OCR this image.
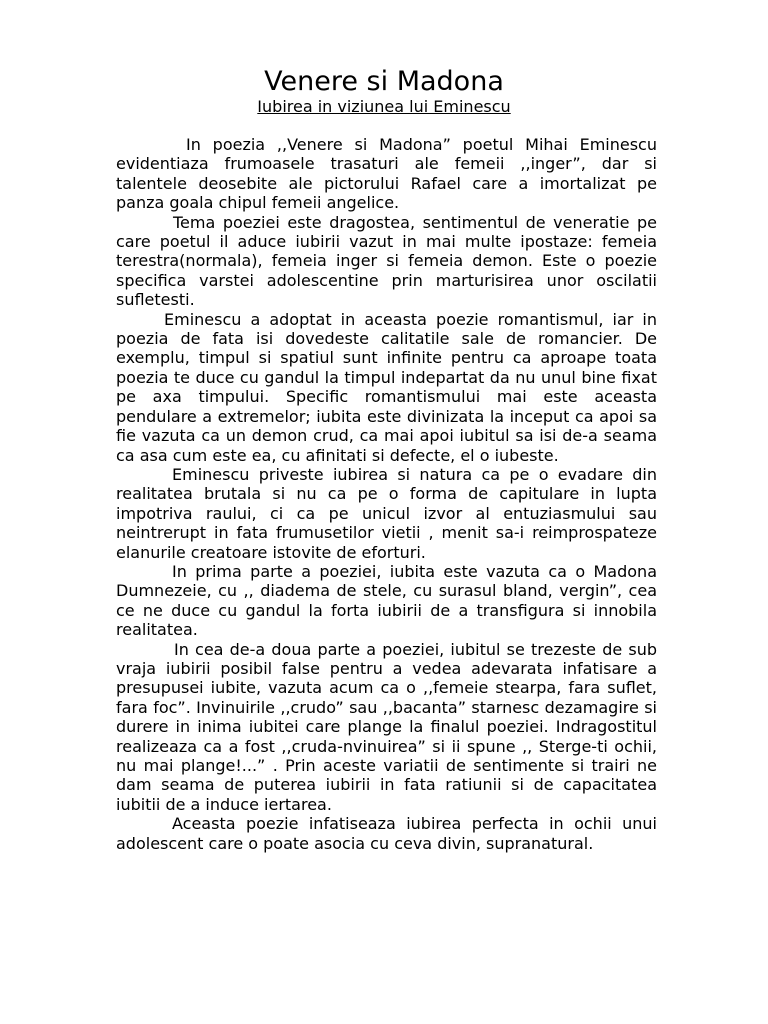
Venere si Madona
Iubirea in viziunea lui Eminescu

In poezia ,,Venere si Madona” poetul Mihai Eminescu evidentiaza frumoasele trasaturi ale femeii ,,inger”, dar si talentele deosebite ale pictorului Rafael care a imortalizat pe panza goala chipul femeii angelice.

Tema poeziei este dragostea, sentimentul de veneratie pe care poetul il aduce iubirii vazut in mai multe ipostaze: femeia terestra(normala), femeia inger si femeia demon. Este o poezie specifica varstei adolescentine prin marturisirea unor oscilatii sufletesti.

Eminescu a adoptat in aceasta poezie romantismul, iar in poezia de fata isi dovedeste calitatile sale de romancier. De exemplu, timpul si spatiul sunt infinite pentru ca aproape toata poezia te duce cu gandul la timpul indepartat da nu unul bine fixat pe axa timpului. Specific romantismului mai este aceasta pendulare a extremelor; iubita este divinizata la inceput ca apoi sa fie vazuta ca un demon crud, ca mai apoi iubitul sa isi de-a seama ca asa cum este ea, cu afinitati si defecte, el o iubeste.

Eminescu priveste iubirea si natura ca pe o evadare din realitatea brutala si nu ca pe o forma de capitulare in lupta impotriva raului, ci ca pe unicul izvor al entuziasmului sau neintrerupt in fata frumusetilor vietii , menit sa-i reimprospateze elanurile creatoare istovite de eforturi.

In prima parte a poeziei, iubita este vazuta ca o Madona Dumnezeie, cu ,, diadema de stele, cu surasul bland, vergin”, cea ce ne duce cu gandul la forta iubirii de a transfigura si innobila realitatea.

In cea de-a doua parte a poeziei, iubitul se trezeste de sub vraja iubirii posibil false pentru a vedea adevarata infatisare a presupusei iubite, vazuta acum ca o ,,femeie stearpa, fara suflet, fara foc”. Invinuirile ,,crudo” sau ,,bacanta” starnesc dezamagire si durere in inima iubitei care plange la finalul poeziei. Indragostitul realizeaza ca a fost ,,cruda-nvinuirea” si ii spune ,, Sterge-ti ochii, nu mai plange!...” . Prin aceste variatii de sentimente si trairi ne dam seama de puterea iubirii in fata ratiunii si de capacitatea iubitii de a induce iertarea.

Aceasta poezie infatiseaza iubirea perfecta in ochii unui adolescent care o poate asocia cu ceva divin, supranatural.
